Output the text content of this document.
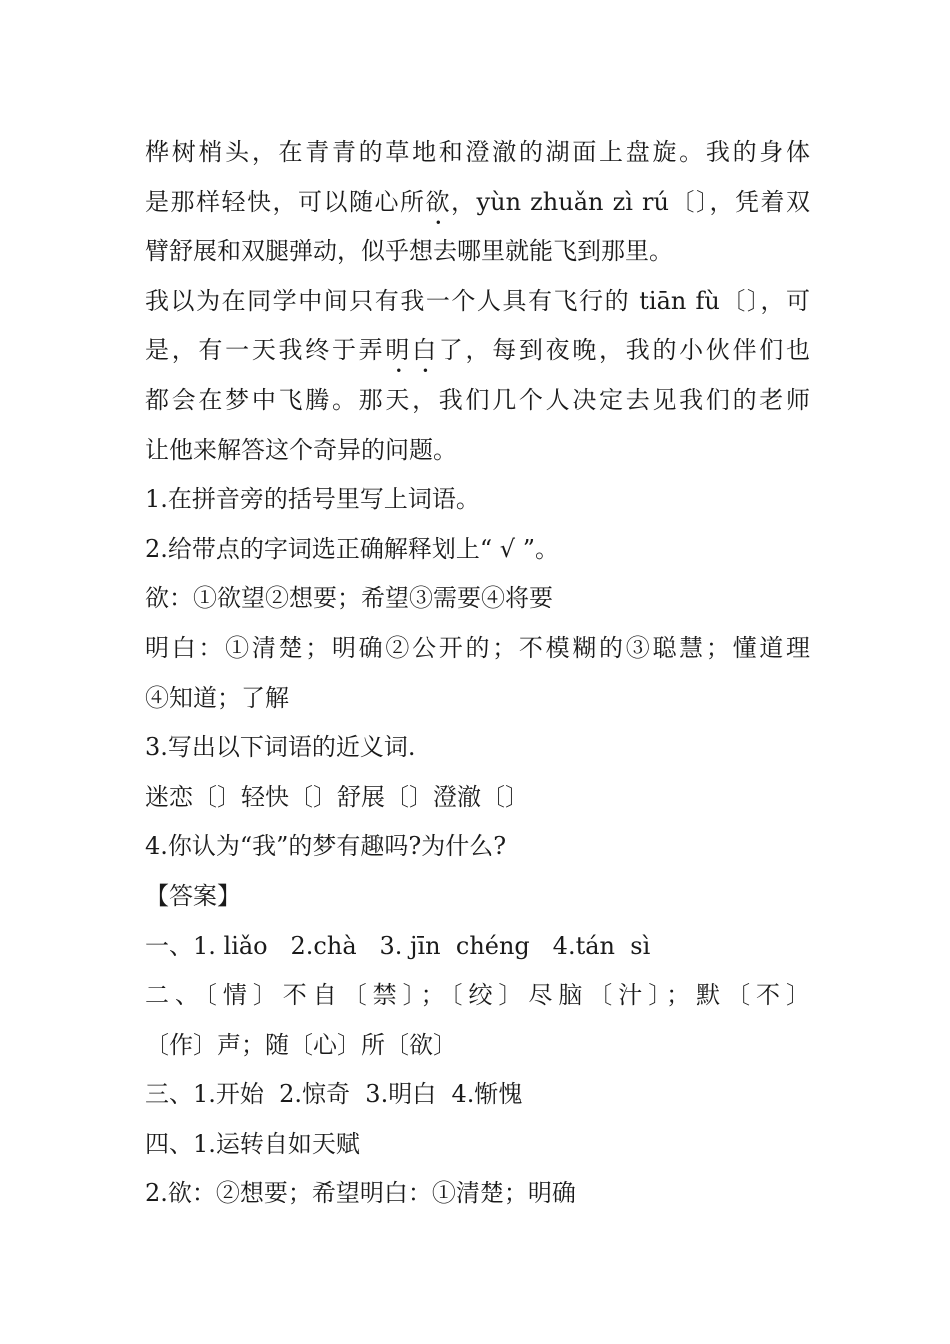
桦树梢头，在青青的草地和澄澈的湖面上盘旋。我的身体
是那样轻快，可以随心所欲，yùn zhuǎn zì rú〔〕，凭着双
臂舒展和双腿弹动，似乎想去哪里就能飞到那里。
我以为在同学中间只有我一个人具有飞行的 tiān fù〔〕，可
是，有一天我终于弄明白了，每到夜晚，我的小伙伴们也
都会在梦中飞腾。那天，我们几个人决定去见我们的老师
让他来解答这个奇异的问题。
1.在拼音旁的括号里写上词语。
2.给带点的字词选正确解释划上“ √ ”。
欲：①欲望②想要；希望③需要④将要
明白：①清楚；明确②公开的；不模糊的③聪慧；懂道理
④知道；了解
3.写出以下词语的近义词.
迷恋〔〕轻快〔〕舒展〔〕澄澈〔〕
4.你认为“我”的梦有趣吗?为什么?
【答案】
一、1. liǎo   2.chà   3. jīn  chéng   4.tán  sì
二、〔情〕不自〔禁〕；〔绞〕尽脑〔汁〕；默〔不〕
〔作〕声；随〔心〕所〔欲〕
三、1.开始  2.惊奇  3.明白  4.惭愧
四、1.运转自如天赋
2.欲：②想要；希望明白：①清楚；明确
